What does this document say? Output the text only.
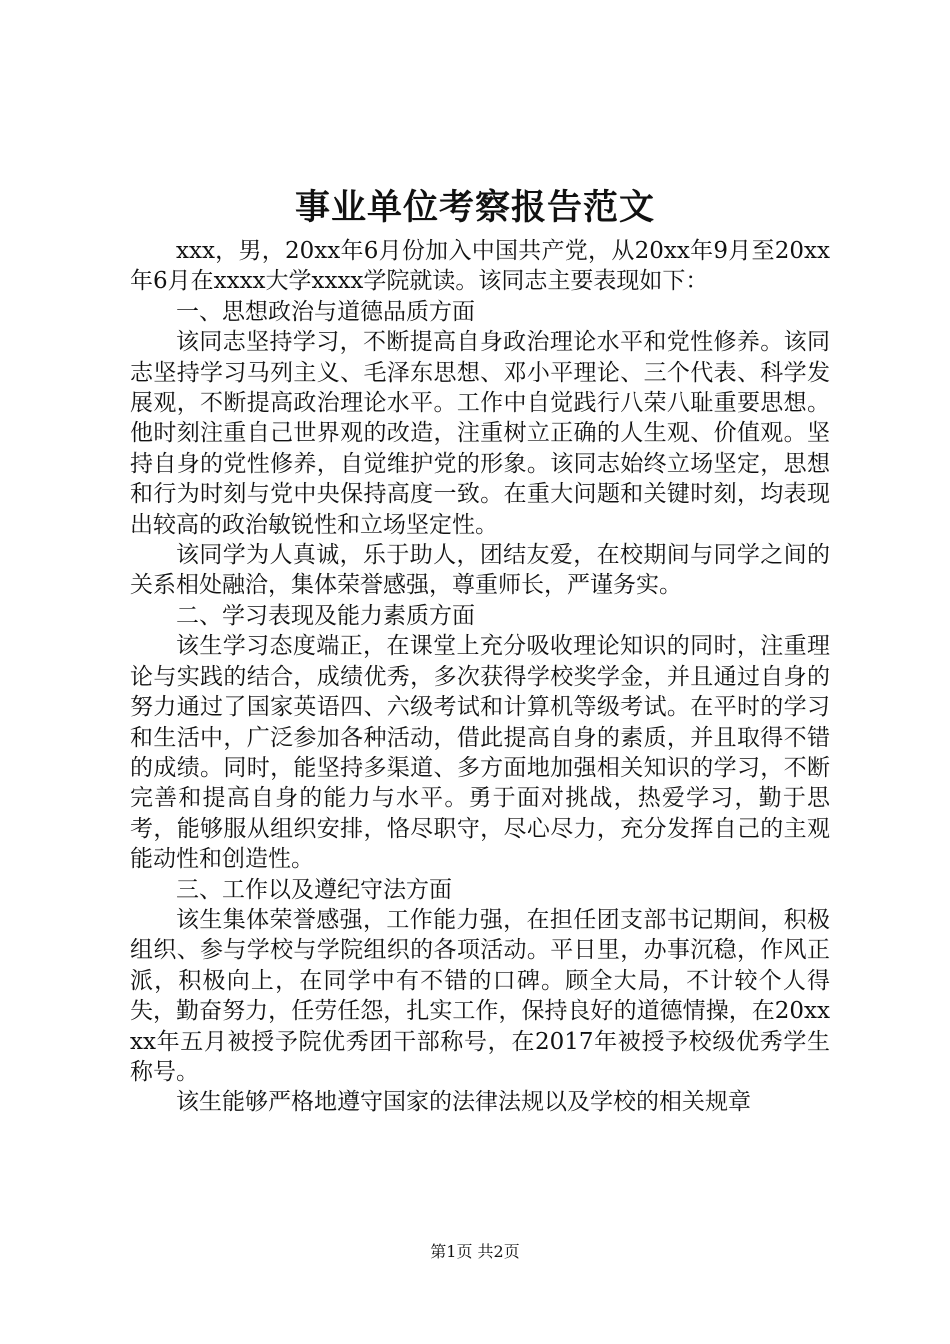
事业单位考察报告范文

xxx，男，20xx年6月份加入中国共产党，从20xx年9月至20xx年6月在xxxx大学xxxx学院就读。该同志主要表现如下：

一、思想政治与道德品质方面

该同志坚持学习，不断提高自身政治理论水平和党性修养。该同志坚持学习马列主义、毛泽东思想、邓小平理论、三个代表、科学发展观，不断提高政治理论水平。工作中自觉践行八荣八耻重要思想。他时刻注重自己世界观的改造，注重树立正确的人生观、价值观。坚持自身的党性修养，自觉维护党的形象。该同志始终立场坚定，思想和行为时刻与党中央保持高度一致。在重大问题和关键时刻，均表现出较高的政治敏锐性和立场坚定性。

该同学为人真诚，乐于助人，团结友爱，在校期间与同学之间的关系相处融洽，集体荣誉感强，尊重师长，严谨务实。

二、学习表现及能力素质方面

该生学习态度端正，在课堂上充分吸收理论知识的同时，注重理论与实践的结合，成绩优秀，多次获得学校奖学金，并且通过自身的努力通过了国家英语四、六级考试和计算机等级考试。在平时的学习和生活中，广泛参加各种活动，借此提高自身的素质，并且取得不错的成绩。同时，能坚持多渠道、多方面地加强相关知识的学习，不断完善和提高自身的能力与水平。勇于面对挑战，热爱学习，勤于思考，能够服从组织安排，恪尽职守，尽心尽力，充分发挥自己的主观能动性和创造性。

三、工作以及遵纪守法方面

该生集体荣誉感强，工作能力强，在担任团支部书记期间，积极组织、参与学校与学院组织的各项活动。平日里，办事沉稳，作风正派，积极向上，在同学中有不错的口碑。顾全大局，不计较个人得失，勤奋努力，任劳任怨，扎实工作，保持良好的道德情操，在20xxxx年五月被授予院优秀团干部称号，在2017年被授予校级优秀学生称号。

该生能够严格地遵守国家的法律法规以及学校的相关规章

第1页 共2页
